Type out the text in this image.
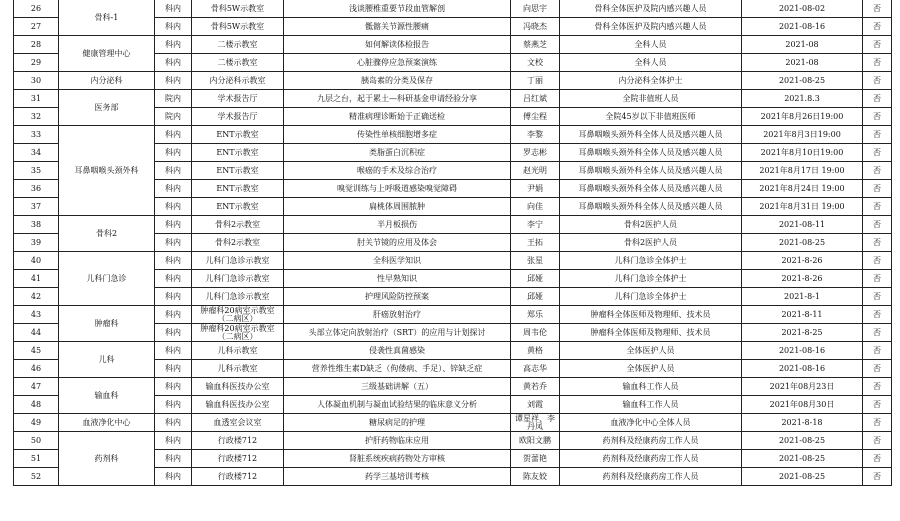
26	骨科-1	科内	骨科5W示教室	浅谈腰椎重要节段血管解剖	向思宇	骨科全体医护及院内感兴趣人员	2021-08-02	否
27		科内	骨科5W示教室	骶髂关节源性腰痛	冯晓杰	骨科全体医护及院内感兴趣人员	2021-08-16	否
28	健康管理中心	科内	二楼示教室	如何解读体检报告	蔡燕芝	全科人员	2021-08	否
29		科内	二楼示教室	心脏骤停应急预案演练	文校	全科人员	2021-08	否
30	内分泌科	科内	内分泌科示教室	胰岛素的分类及保存	丁丽	内分泌科全体护士	2021-08-25	否
31	医务部	院内	学术报告厅	九层之台，起于累土—科研基金申请经验分享	吕红斌	全院非值班人员	2021.8.3	否
32		院内	学术报告厅	精准病理诊断始于正确送检	傅尘程	全院45岁以下非值班医师	2021年8月26日19:00	否
33	耳鼻咽喉头颈外科	科内	ENT示教室	传染性单核细胞增多症	李黎	耳鼻咽喉头颈外科全体人员及感兴趣人员	2021年8月3日19:00	否
34		科内	ENT示教室	类脂蛋白沉积症	罗志彬	耳鼻咽喉头颈外科全体人员及感兴趣人员	2021年8月10日19:00	否
35		科内	ENT示教室	喉癌的手术及综合治疗	赵光明	耳鼻咽喉头颈外科全体人员及感兴趣人员	2021年8月17日 19:00	否
36		科内	ENT示教室	嗅觉训练与上呼吸道感染嗅觉障碍	尹娟	耳鼻咽喉头颈外科全体人员及感兴趣人员	2021年8月24日 19:00	否
37		科内	ENT示教室	扁桃体周围脓肿	向佳	耳鼻咽喉头颈外科全体人员及感兴趣人员	2021年8月31日 19:00	否
38	骨科2	科内	骨科2示教室	半月板损伤	李宁	骨科2医护人员	2021-08-11	否
39		科内	骨科2示教室	肘关节镜的应用及体会	王拓	骨科2医护人员	2021-08-25	否
40	儿科门急诊	科内	儿科门急诊示教室	全科医学知识	张星	儿科门急诊全体护士	2021-8-26	否
41		科内	儿科门急诊示教室	性早熟知识	邱娅	儿科门急诊全体护士	2021-8-26	否
42		科内	儿科门急诊示教室	护理风险防控预案	邱娅	儿科门急诊全体护士	2021-8-1	否
43	肿瘤科	科内	肿瘤科20病室示教室（二病区）	肝癌放射治疗	郑乐	肿瘤科全体医师及物理师、技术员	2021-8-11	否
44		科内	肿瘤科20病室示教室（二病区）	头部立体定向放射治疗（SRT）的应用与计划探讨	周韦伦	肿瘤科全体医师及物理师、技术员	2021-8-25	否
45	儿科	科内	儿科示教室	侵袭性真菌感染	黄格	全体医护人员	2021-08-16	否
46		科内	儿科示教室	营养性维生素D缺乏（佝偻病、手足）、锌缺乏症	高志华	全体医护人员	2021-08-16	否
47	输血科	科内	输血科医技办公室	三级基础讲解（五）	黄若乔	输血科工作人员	2021年08月23日	否
48		科内	输血科医技办公室	人体凝血机制与凝血试验结果的临床意义分析	刘霞	输血科工作人员	2021年08月30日	否
49	血液净化中心	科内	血透室会议室	糖尿病足的护理	谭星祥、李丹凤	血液净化中心全体人员	2021-8-18	否
50	药剂科	科内	行政楼712	护肝药物临床应用	欧阳文鹏	药剂科及经康药房工作人员	2021-08-25	否
51		科内	行政楼712	肾脏系统疾病药物处方审核	贺蕾艳	药剂科及经康药房工作人员	2021-08-25	否
52		科内	行政楼712	药学三基培训考核	陈友姣	药剂科及经康药房工作人员	2021-08-25	否
